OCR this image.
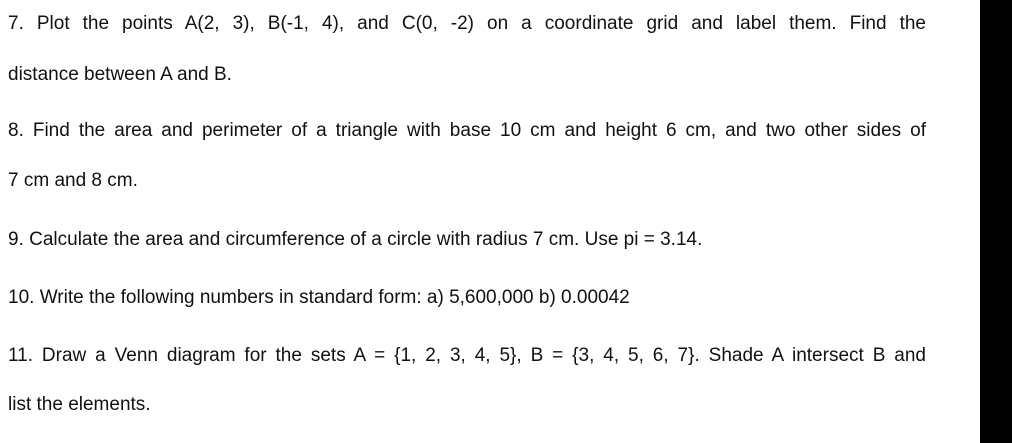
7. Plot the points A(2, 3), B(-1, 4), and C(0, -2) on a coordinate grid and label them. Find the
distance between A and B.
8. Find the area and perimeter of a triangle with base 10 cm and height 6 cm, and two other sides of
7 cm and 8 cm.
9. Calculate the area and circumference of a circle with radius 7 cm. Use pi = 3.14.
10. Write the following numbers in standard form: a) 5,600,000 b) 0.00042
11. Draw a Venn diagram for the sets A = {1, 2, 3, 4, 5}, B = {3, 4, 5, 6, 7}. Shade A intersect B and
list the elements.
